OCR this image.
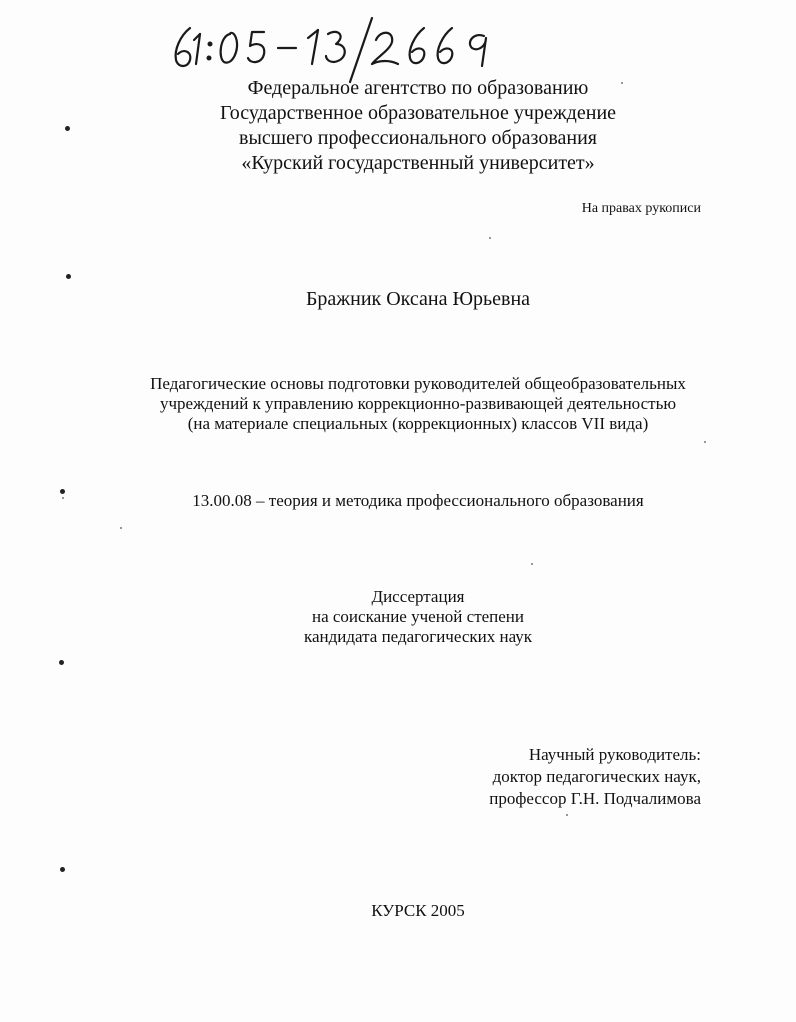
Федеральное агентство по образованию
Государственное образовательное учреждение
высшего профессионального образования
«Курский государственный университет»
На правах рукописи
Бражник Оксана Юрьевна
Педагогические основы подготовки руководителей общеобразовательных
учреждений к управлению коррекционно-развивающей деятельностью
(на материале специальных (коррекционных) классов VII вида)
13.00.08 – теория и методика профессионального образования
Диссертация
на соискание ученой степени
кандидата педагогических наук
Научный руководитель:
доктор педагогических наук,
профессор Г.Н. Подчалимова
КУРСК 2005
